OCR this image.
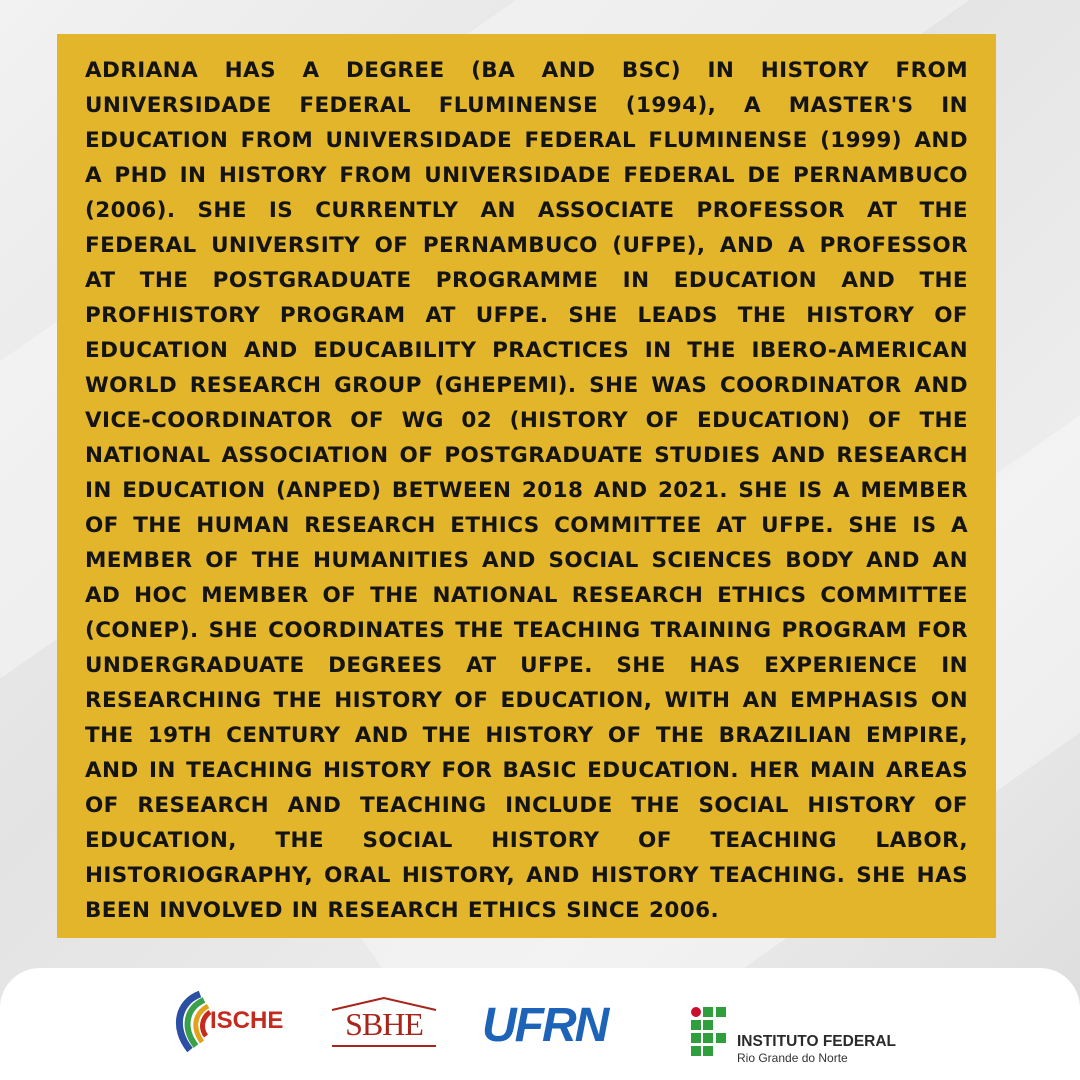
ADRIANA HAS A DEGREE (BA AND BSC) IN HISTORY FROM UNIVERSIDADE FEDERAL FLUMINENSE (1994), A MASTER'S IN EDUCATION FROM UNIVERSIDADE FEDERAL FLUMINENSE (1999) AND A PHD IN HISTORY FROM UNIVERSIDADE FEDERAL DE PERNAMBUCO (2006). SHE IS CURRENTLY AN ASSOCIATE PROFESSOR AT THE FEDERAL UNIVERSITY OF PERNAMBUCO (UFPE), AND A PROFESSOR AT THE POSTGRADUATE PROGRAMME IN EDUCATION AND THE PROFHISTORY PROGRAM AT UFPE. SHE LEADS THE HISTORY OF EDUCATION AND EDUCABILITY PRACTICES IN THE IBERO-AMERICAN WORLD RESEARCH GROUP (GHEPEMI). SHE WAS COORDINATOR AND VICE-COORDINATOR OF WG 02 (HISTORY OF EDUCATION) OF THE NATIONAL ASSOCIATION OF POSTGRADUATE STUDIES AND RESEARCH IN EDUCATION (ANPED) BETWEEN 2018 AND 2021. SHE IS A MEMBER OF THE HUMAN RESEARCH ETHICS COMMITTEE AT UFPE. SHE IS A MEMBER OF THE HUMANITIES AND SOCIAL SCIENCES BODY AND AN AD HOC MEMBER OF THE NATIONAL RESEARCH ETHICS COMMITTEE (CONEP). SHE COORDINATES THE TEACHING TRAINING PROGRAM FOR UNDERGRADUATE DEGREES AT UFPE. SHE HAS EXPERIENCE IN RESEARCHING THE HISTORY OF EDUCATION, WITH AN EMPHASIS ON THE 19TH CENTURY AND THE HISTORY OF THE BRAZILIAN EMPIRE, AND IN TEACHING HISTORY FOR BASIC EDUCATION. HER MAIN AREAS OF RESEARCH AND TEACHING INCLUDE THE SOCIAL HISTORY OF EDUCATION, THE SOCIAL HISTORY OF TEACHING LABOR, HISTORIOGRAPHY, ORAL HISTORY, AND HISTORY TEACHING. SHE HAS BEEN INVOLVED IN RESEARCH ETHICS SINCE 2006.

ISCHE	SBHE	UFRN	INSTITUTO FEDERAL
Rio Grande do Norte
